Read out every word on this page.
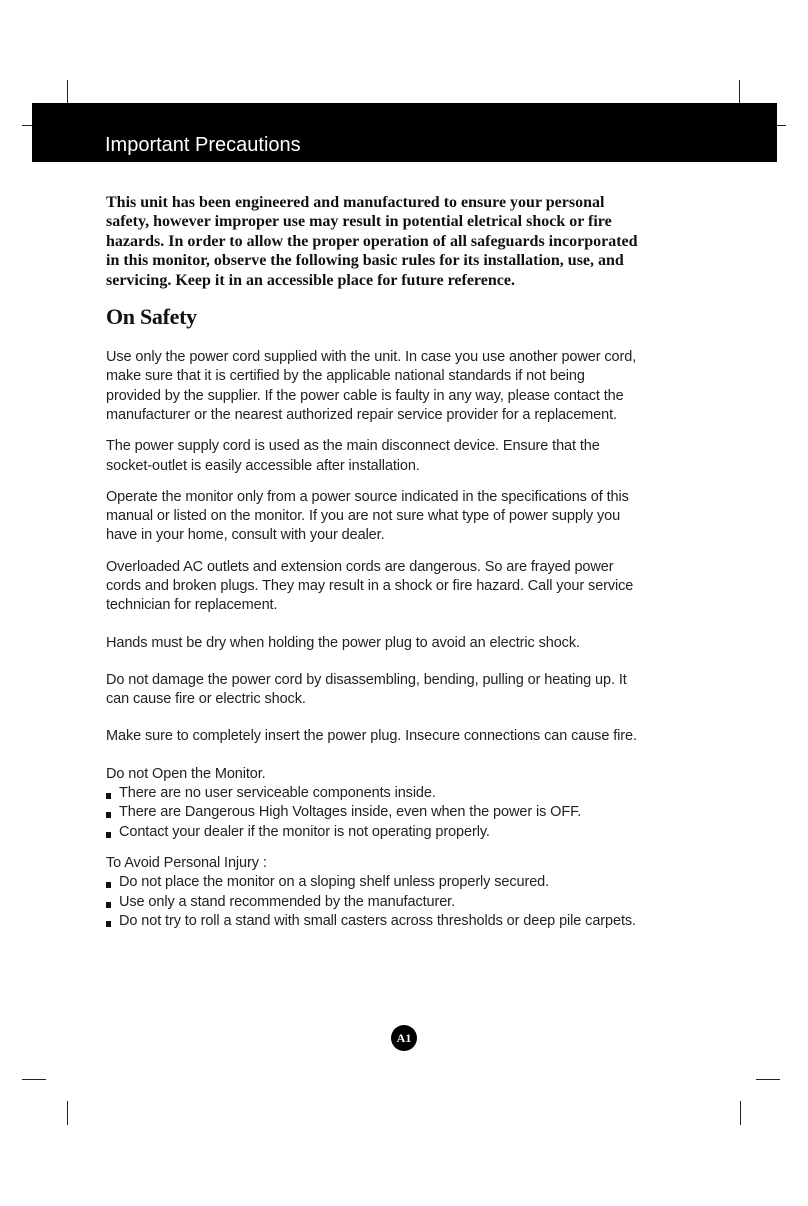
Important Precautions

This unit has been engineered and manufactured to ensure your personal safety, however improper use may result in potential eletrical shock or fire hazards. In order to allow the proper operation of all safeguards incorporated in this monitor, observe the following basic rules for its installation, use, and servicing. Keep it in an accessible place for future reference.

On Safety

Use only the power cord supplied with the unit. In case you use another power cord, make sure that it is certified by the applicable national standards if not being provided by the supplier. If the power cable is faulty in any way, please contact the manufacturer or the nearest authorized repair service provider for a replacement.

The power supply cord is used as the main disconnect device. Ensure that the socket-outlet is easily accessible after installation.

Operate the monitor only from a power source indicated in the specifications of this manual or listed on the monitor. If you are not sure what type of power supply you have in your home, consult with your dealer.

Overloaded AC outlets and extension cords are dangerous. So are frayed power cords and broken plugs. They may result in a shock or fire hazard. Call your service technician for replacement.

Hands must be dry when holding the power plug to avoid an electric shock.

Do not damage the power cord by disassembling, bending, pulling or heating up. It can cause fire or electric shock.

Make sure to completely insert the power plug. Insecure connections can cause fire.

Do not Open the Monitor.

There are no user serviceable components inside.
There are Dangerous High Voltages inside, even when the power is OFF.
Contact your dealer if the monitor is not operating properly.

To Avoid Personal Injury :

Do not place the monitor on a sloping shelf unless properly secured.
Use only a stand recommended by the manufacturer.
Do not try to roll a stand with small casters across thresholds or deep pile carpets.
A1
